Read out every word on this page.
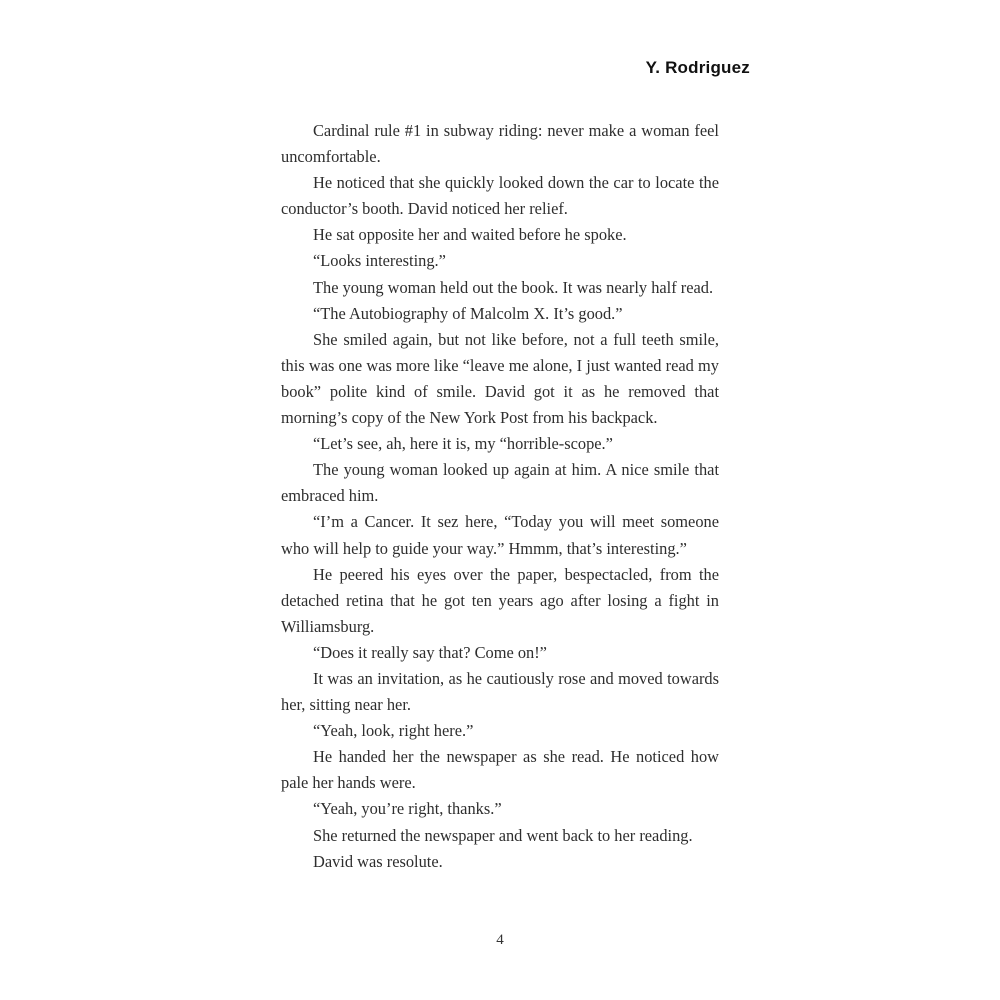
Y. Rodriguez

Cardinal rule #1 in subway riding: never make a woman feel uncomfortable.

He noticed that she quickly looked down the car to locate the conductor’s booth. David noticed her relief.

He sat opposite her and waited before he spoke.

“Looks interesting.”

The young woman held out the book. It was nearly half read.

“The Autobiography of Malcolm X. It’s good.”

She smiled again, but not like before, not a full teeth smile, this was one was more like “leave me alone, I just wanted read my book” polite kind of smile. David got it as he removed that morning’s copy of the New York Post from his backpack.

“Let’s see, ah, here it is, my “horrible-scope.”

The young woman looked up again at him. A nice smile that embraced him.

“I’m a Cancer. It sez here, “Today you will meet someone who will help to guide your way.” Hmmm, that’s interesting.”

He peered his eyes over the paper, bespectacled, from the detached retina that he got ten years ago after losing a fight in Williamsburg.

“Does it really say that? Come on!”

It was an invitation, as he cautiously rose and moved towards her, sitting near her.

“Yeah, look, right here.”

He handed her the newspaper as she read. He noticed how pale her hands were.

“Yeah, you’re right, thanks.”

She returned the newspaper and went back to her reading.

David was resolute.

4
